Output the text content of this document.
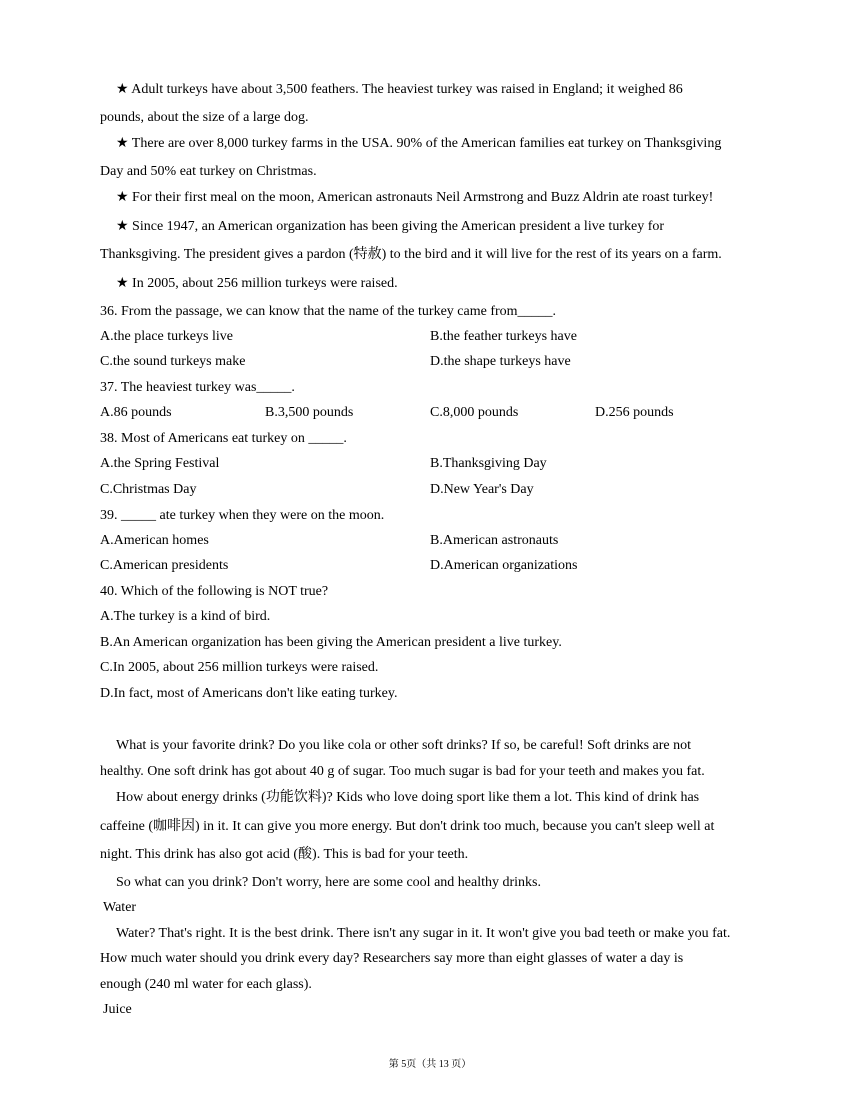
★ Adult turkeys have about 3,500 feathers. The heaviest turkey was raised in England; it weighed 86
pounds, about the size of a large dog.
★ There are over 8,000 turkey farms in the USA. 90% of the American families eat turkey on Thanksgiving
Day and 50% eat turkey on Christmas.
★ For their first meal on the moon, American astronauts Neil Armstrong and Buzz Aldrin ate roast turkey!
★ Since 1947, an American organization has been giving the American president a live turkey for
Thanksgiving. The president gives a pardon (特赦) to the bird and it will live for the rest of its years on a farm.
★ In 2005, about 256 million turkeys were raised.
36. From the passage, we can know that the name of the turkey came from_____.
A.the place turkeys live	B.the feather turkeys have
C.the sound turkeys make	D.the shape turkeys have
37. The heaviest turkey was_____.
A.86 pounds	B.3,500 pounds	C.8,000 pounds	D.256 pounds
38. Most of Americans eat turkey on _____.
A.the Spring Festival	B.Thanksgiving Day
C.Christmas Day	D.New Year's Day
39. _____ ate turkey when they were on the moon.
A.American homes	B.American astronauts
C.American presidents	D.American organizations
40. Which of the following is NOT true?
A.The turkey is a kind of bird.
B.An American organization has been giving the American president a live turkey.
C.In 2005, about 256 million turkeys were raised.
D.In fact, most of Americans don't like eating turkey.
What is your favorite drink? Do you like cola or other soft drinks? If so, be careful! Soft drinks are not
healthy. One soft drink has got about 40 g of sugar. Too much sugar is bad for your teeth and makes you fat.
How about energy drinks (功能饮料)? Kids who love doing sport like them a lot. This kind of drink has
caffeine (咖啡因) in it. It can give you more energy. But don't drink too much, because you can't sleep well at
night. This drink has also got acid (酸). This is bad for your teeth.
So what can you drink? Don't worry, here are some cool and healthy drinks.
Water
Water? That's right. It is the best drink. There isn't any sugar in it. It won't give you bad teeth or make you fat.
How much water should you drink every day? Researchers say more than eight glasses of water a day is
enough (240 ml water for each glass).
Juice
第 5页（共 13 页）
